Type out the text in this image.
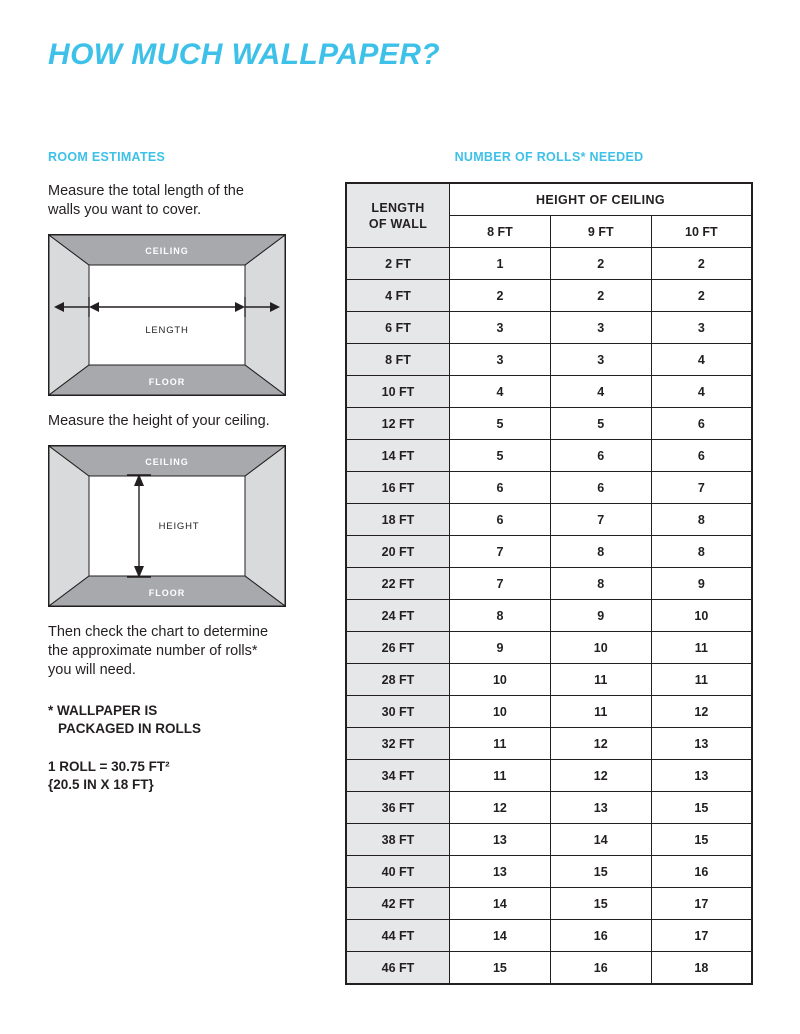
HOW MUCH WALLPAPER?
ROOM ESTIMATES

Measure the total length of the walls you want to cover.

CEILING
FLOOR
LENGTH

Measure the height of your ceiling.

CEILING
FLOOR
HEIGHT

Then check the chart to determine the approximate number of rolls* you will need.

* WALLPAPER IS
PACKAGED IN ROLLS
1 ROLL = 30.75 FT²
{20.5 IN X 18 FT}
NUMBER OF ROLLS* NEEDED
LENGTH
OF WALL	HEIGHT OF CEILING		
	8 FT	9 FT	10 FT
2 FT	1	2	2
4 FT	2	2	2
6 FT	3	3	3
8 FT	3	3	4
10 FT	4	4	4
12 FT	5	5	6
14 FT	5	6	6
16 FT	6	6	7
18 FT	6	7	8
20 FT	7	8	8
22 FT	7	8	9
24 FT	8	9	10
26 FT	9	10	11
28 FT	10	11	11
30 FT	10	11	12
32 FT	11	12	13
34 FT	11	12	13
36 FT	12	13	15
38 FT	13	14	15
40 FT	13	15	16
42 FT	14	15	17
44 FT	14	16	17
46 FT	15	16	18
